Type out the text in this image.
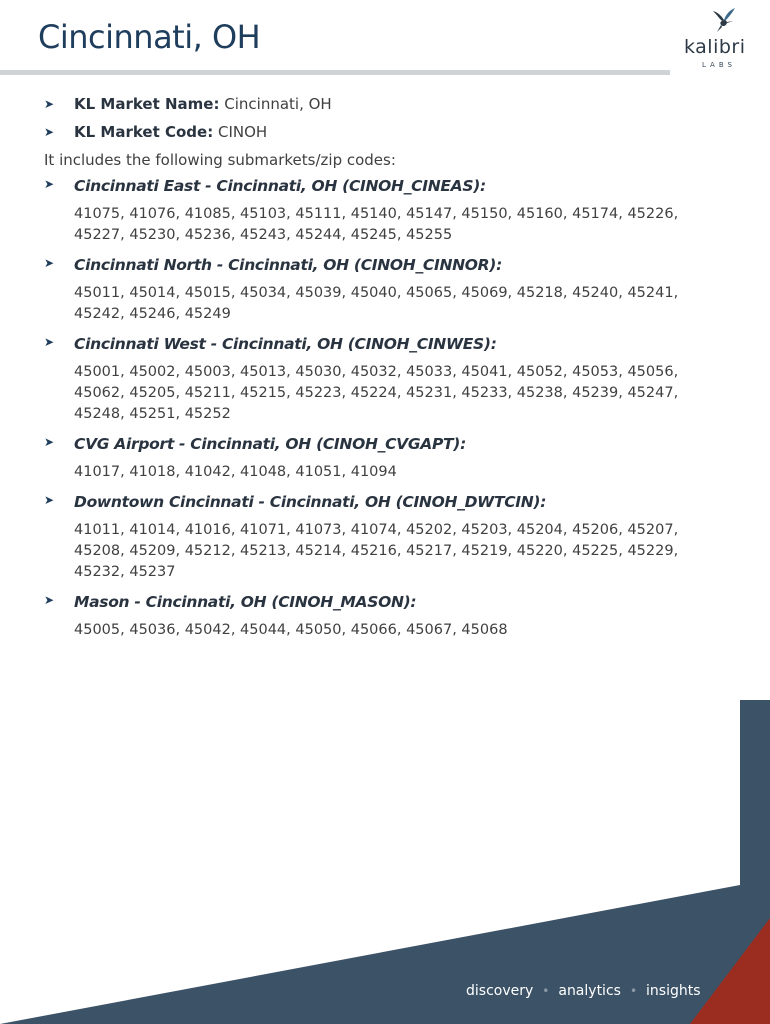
Cincinnati, OH	kalibri
LABS
➤ KL Market Name: Cincinnati, OH
➤ KL Market Code: CINOH
It includes the following submarkets/zip codes:
➤ Cincinnati East - Cincinnati, OH (CINOH_CINEAS):
41075, 41076, 41085, 45103, 45111, 45140, 45147, 45150, 45160, 45174, 45226, 45227, 45230, 45236, 45243, 45244, 45245, 45255
➤ Cincinnati North - Cincinnati, OH (CINOH_CINNOR):
45011, 45014, 45015, 45034, 45039, 45040, 45065, 45069, 45218, 45240, 45241, 45242, 45246, 45249
➤ Cincinnati West - Cincinnati, OH (CINOH_CINWES):
45001, 45002, 45003, 45013, 45030, 45032, 45033, 45041, 45052, 45053, 45056, 45062, 45205, 45211, 45215, 45223, 45224, 45231, 45233, 45238, 45239, 45247, 45248, 45251, 45252
➤ CVG Airport - Cincinnati, OH (CINOH_CVGAPT):
41017, 41018, 41042, 41048, 41051, 41094
➤ Downtown Cincinnati - Cincinnati, OH (CINOH_DWTCIN):
41011, 41014, 41016, 41071, 41073, 41074, 45202, 45203, 45204, 45206, 45207, 45208, 45209, 45212, 45213, 45214, 45216, 45217, 45219, 45220, 45225, 45229, 45232, 45237
➤ Mason - Cincinnati, OH (CINOH_MASON):
45005, 45036, 45042, 45044, 45050, 45066, 45067, 45068
discovery • analytics • insights
